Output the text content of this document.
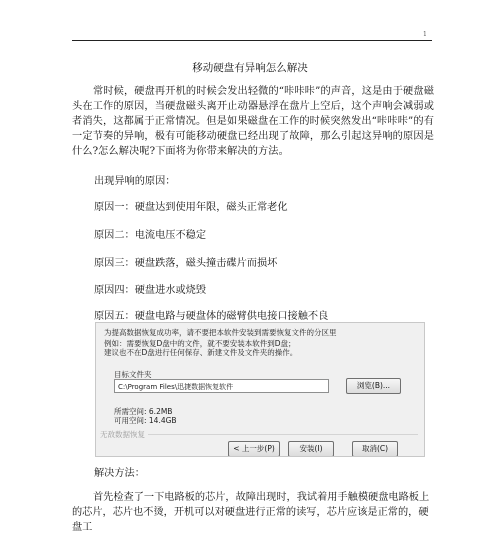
1
移动硬盘有异响怎么解决
常时候，硬盘再开机的时候会发出轻微的“咔咔咔”的声音，这是由于硬盘磁头在工作的原因，当硬盘磁头离开止动器悬浮在盘片上空后，这个声响会减弱或者消失，这都属于正常情况。但是如果磁盘在工作的时候突然发出“咔咔咔”的有一定节奏的异响，极有可能移动硬盘已经出现了故障，那么引起这异响的原因是什么?怎么解决呢?下面将为你带来解决的方法。
出现异响的原因：
原因一：硬盘达到使用年限，磁头正常老化
原因二：电流电压不稳定
原因三：硬盘跌落，磁头撞击碟片而损坏
原因四：硬盘进水或烧毁
原因五：硬盘电路与硬盘体的磁臂供电接口接触不良
为提高数据恢复成功率，请不要把本软件安装到需要恢复文件的分区里
例如：需要恢复D盘中的文件，就不要安装本软件到D盘；
建议也不在D盘进行任何保存、新建文件及文件夹的操作。
目标文件夹
C:\Program Files\迅捷数据恢复软件	浏览(B)...
所需空间: 6.2MB
可用空间: 14.4GB
无敌数据恢复
< 上一步(P)	安装(I)	取消(C)
解决方法：
首先检查了一下电路板的芯片，故障出现时，我试着用手触模硬盘电路板上的芯片，芯片也不烫，开机可以对硬盘进行正常的读写，芯片应该是正常的，硬盘工
